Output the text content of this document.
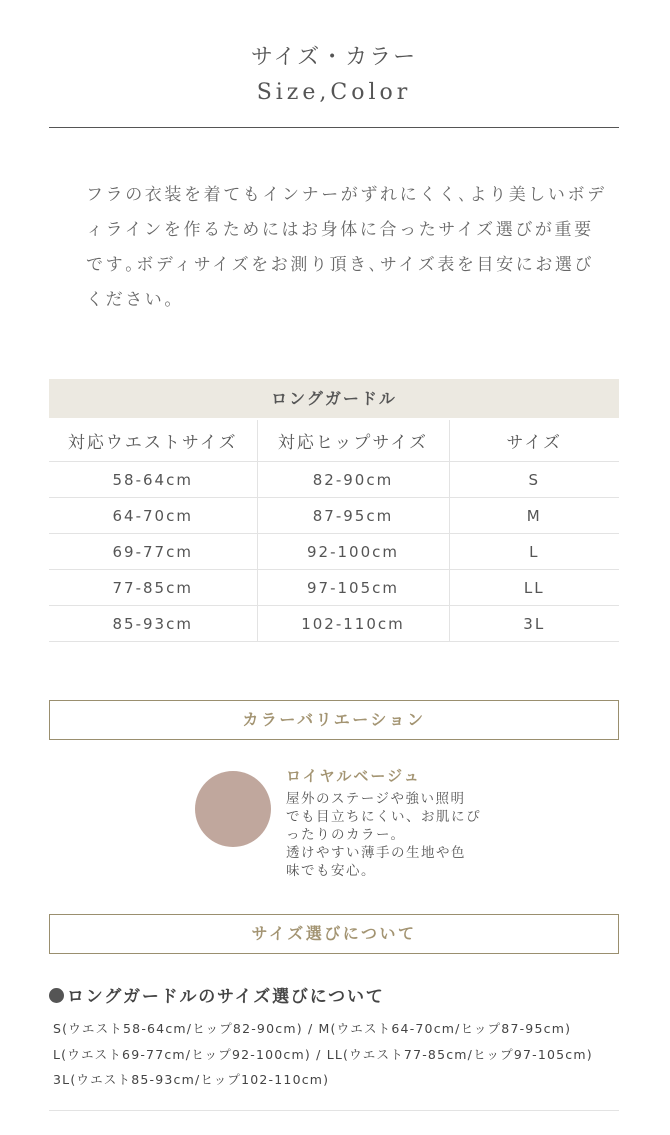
サイズ・カラー
Size,Color
フラの衣装を着てもインナーがずれにくく､より美しいボデ
ィラインを作るためにはお身体に合ったサイズ選びが重要
です｡ボディサイズをお測り頂き､サイズ表を目安にお選び
ください｡
ロングガードル
対応ウエストサイズ	対応ヒップサイズ	サイズ
58-64cm	82-90cm	S
64-70cm	87-95cm	M
69-77cm	92-100cm	L
77-85cm	97-105cm	LL
85-93cm	102-110cm	3L
カラーバリエーション
ロイヤルベージュ
屋外のステージや強い照明
でも目立ちにくい、お肌にぴ
ったりのカラー。
透けやすい薄手の生地や色
味でも安心。
サイズ選びについて
ロングガードルのサイズ選びについて
S(ウエスト58-64cm/ヒップ82-90cm) / M(ウエスト64-70cm/ヒップ87-95cm)
L(ウエスト69-77cm/ヒップ92-100cm) / LL(ウエスト77-85cm/ヒップ97-105cm)
3L(ウエスト85-93cm/ヒップ102-110cm)
